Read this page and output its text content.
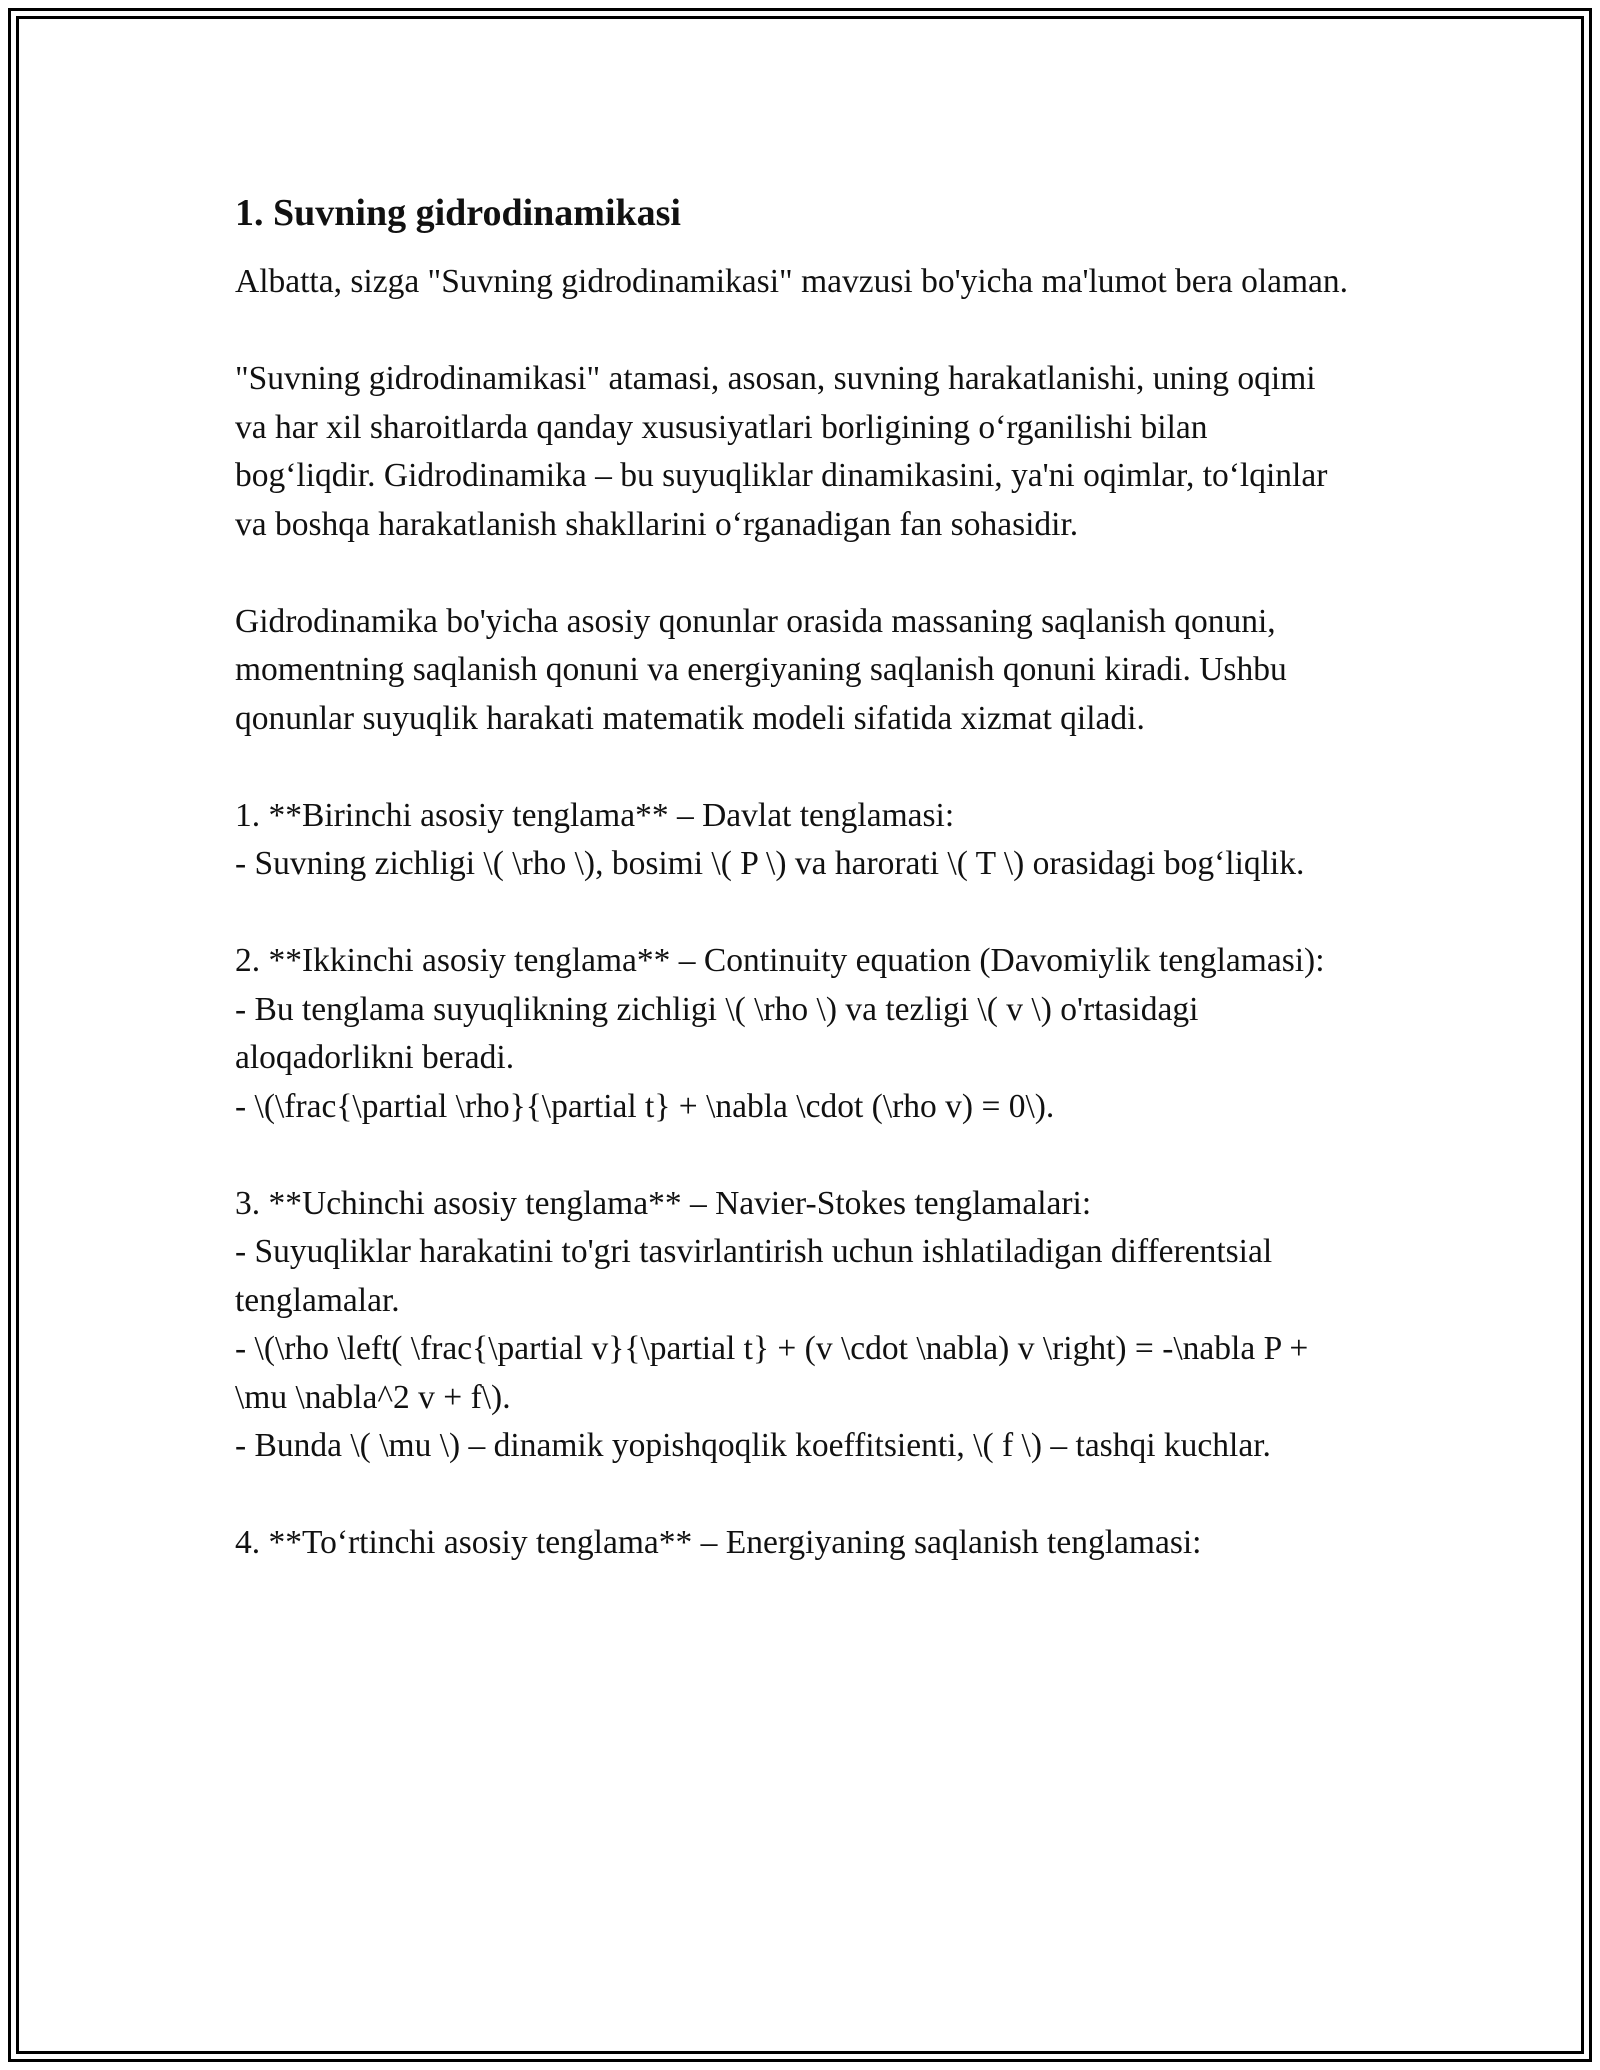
1. Suvning gidrodinamikasi

Albatta, sizga "Suvning gidrodinamikasi" mavzusi bo'yicha ma'lumot bera olaman.

"Suvning gidrodinamikasi" atamasi, asosan, suvning harakatlanishi, uning oqimi va har xil sharoitlarda qanday xususiyatlari borligining o‘rganilishi bilan bog‘liqdir. Gidrodinamika – bu suyuqliklar dinamikasini, ya'ni oqimlar, to‘lqinlar va boshqa harakatlanish shakllarini o‘rganadigan fan sohasidir.

Gidrodinamika bo'yicha asosiy qonunlar orasida massaning saqlanish qonuni, momentning saqlanish qonuni va energiyaning saqlanish qonuni kiradi. Ushbu qonunlar suyuqlik harakati matematik modeli sifatida xizmat qiladi.

1. **Birinchi asosiy tenglama** – Davlat tenglamasi:

- Suvning zichligi \( \rho \), bosimi \( P \) va harorati \( T \) orasidagi bog‘liqlik.

2. **Ikkinchi asosiy tenglama** – Continuity equation (Davomiylik tenglamasi):

- Bu tenglama suyuqlikning zichligi \( \rho \) va tezligi \( v \) o'rtasidagi aloqadorlikni beradi.

- \(\frac{\partial \rho}{\partial t} + \nabla \cdot (\rho v) = 0\).

3. **Uchinchi asosiy tenglama** – Navier-Stokes tenglamalari:

- Suyuqliklar harakatini to'gri tasvirlantirish uchun ishlatiladigan differentsial tenglamalar.

- \(\rho \left( \frac{\partial v}{\partial t} + (v \cdot \nabla) v \right) = -\nabla P + \mu \nabla^2 v + f\).

- Bunda \( \mu \) – dinamik yopishqoqlik koeffitsienti, \( f \) – tashqi kuchlar.

4. **To‘rtinchi asosiy tenglama** – Energiyaning saqlanish tenglamasi:
